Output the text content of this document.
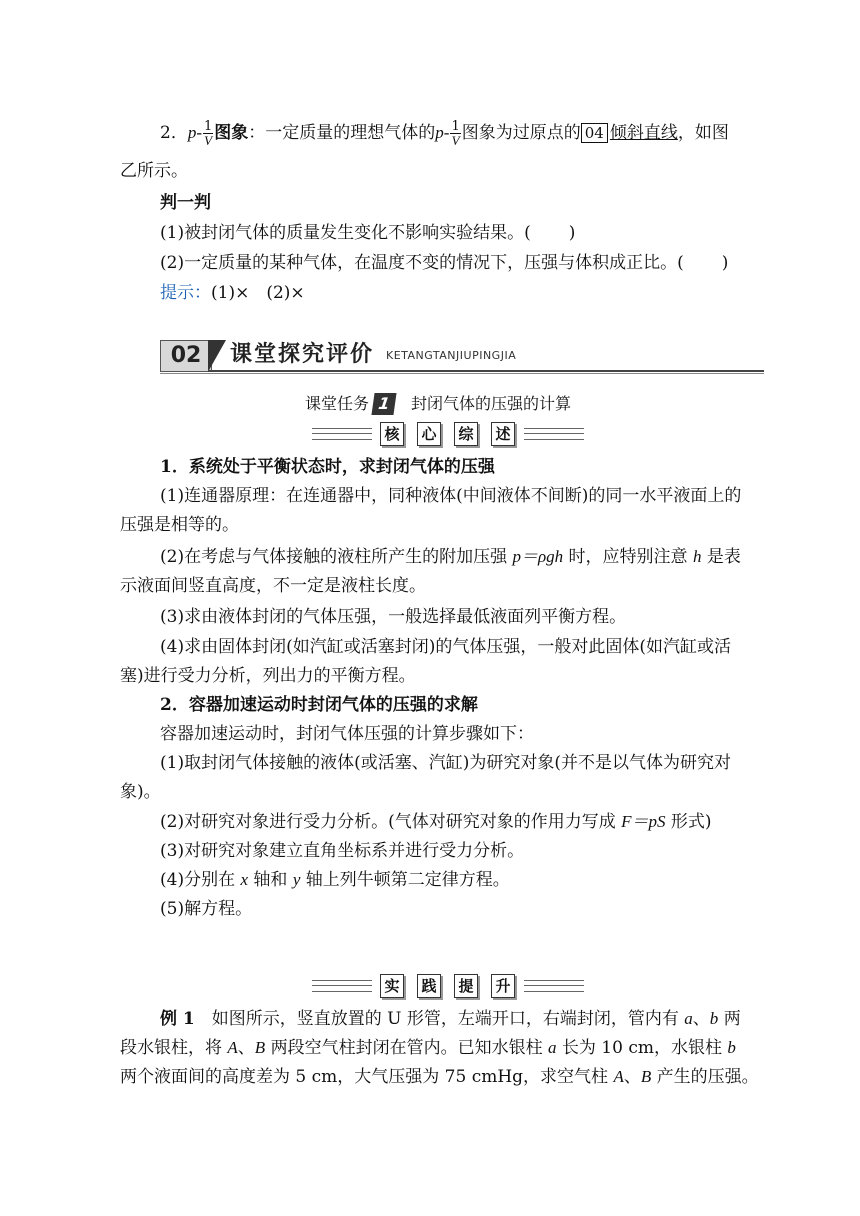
2．$p- \frac{1}{V}$ 图象：一定质量的理想气体的$p- \frac{1}{V}$ 图象为过原点的 04 倾斜直线，如图
乙所示。
判一判
(1)被封闭气体的质量发生变化不影响实验结果。( )
(2)一定质量的某种气体，在温度不变的情况下，压强与体积成正比。( )
提示：(1)×　(2)×
02	课堂探究评价 KETANGTANJIUPINGJIA
课堂任务 1 封闭气体的压强的计算
核 心 综 述
1．系统处于平衡状态时，求封闭气体的压强
(1)连通器原理：在连通器中，同种液体(中间液体不间断)的同一水平液面上的
压强是相等的。
(2)在考虑与气体接触的液柱所产生的附加压强 p＝ρgh 时，应特别注意 h 是表
示液面间竖直高度，不一定是液柱长度。
(3)求由液体封闭的气体压强，一般选择最低液面列平衡方程。
(4)求由固体封闭(如汽缸或活塞封闭)的气体压强，一般对此固体(如汽缸或活
塞)进行受力分析，列出力的平衡方程。
2．容器加速运动时封闭气体的压强的求解
容器加速运动时，封闭气体压强的计算步骤如下：
(1)取封闭气体接触的液体(或活塞、汽缸)为研究对象(并不是以气体为研究对
象)。
(2)对研究对象进行受力分析。(气体对研究对象的作用力写成 F＝pS 形式)
(3)对研究对象建立直角坐标系并进行受力分析。
(4)分别在 x 轴和 y 轴上列牛顿第二定律方程。
(5)解方程。
实 践 提 升
例 1　如图所示，竖直放置的 U 形管，左端开口，右端封闭，管内有 a、b 两
段水银柱，将 A、B 两段空气柱封闭在管内。已知水银柱 a 长为 10 cm，水银柱 b
两个液面间的高度差为 5 cm，大气压强为 75 cmHg，求空气柱 A、B 产生的压强。
